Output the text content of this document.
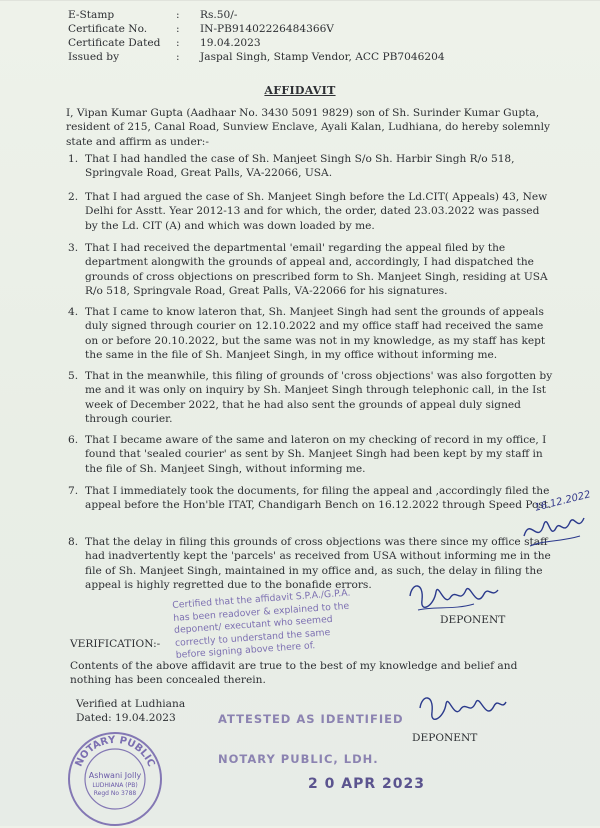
E-Stamp	:	Rs.50/-
Certificate No.	:	IN-PB91402226484366V
Certificate Dated	:	19.04.2023
Issued by	:	Jaspal Singh, Stamp Vendor, ACC PB7046204
AFFIDAVIT
I, Vipan Kumar Gupta (Aadhaar No. 3430 5091 9829) son of Sh. Surinder Kumar Gupta, resident of 215, Canal Road, Sunview Enclave, Ayali Kalan, Ludhiana, do hereby solemnly state and affirm as under:-
1. That I had handled the case of Sh. Manjeet Singh S/o Sh. Harbir Singh R/o 518, Springvale Road, Great Palls, VA-22066, USA.
2. That I had argued the case of Sh. Manjeet Singh before the Ld.CIT( Appeals) 43, New Delhi for Asstt. Year 2012-13 and for which, the order, dated 23.03.2022 was passed by the Ld. CIT (A) and which was down loaded by me.
3. That I had received the departmental 'email' regarding the appeal filed by the department alongwith the grounds of appeal and, accordingly, I had dispatched the grounds of cross objections on prescribed form to Sh. Manjeet Singh, residing at USA R/o 518, Springvale Road, Great Palls, VA-22066 for his signatures.
4. That I came to know lateron that, Sh. Manjeet Singh had sent the grounds of appeals duly signed through courier on 12.10.2022 and my office staff had received the same on or before 20.10.2022, but the same was not in my knowledge, as my staff has kept the same in the file of Sh. Manjeet Singh, in my office without informing me.
5. That in the meanwhile, this filing of grounds of 'cross objections' was also forgotten by me and it was only on inquiry by Sh. Manjeet Singh through telephonic call, in the Ist week of December 2022, that he had also sent the grounds of appeal duly signed through courier.
6. That I became aware of the same and lateron on my checking of record in my office, I found that 'sealed courier' as sent by Sh. Manjeet Singh had been kept by my staff in the file of Sh. Manjeet Singh, without informing me.
7. That I immediately took the documents, for filing the appeal and ,accordingly filed the appeal before the Hon'ble ITAT, Chandigarh Bench on 16.12.2022 through Speed Post.
8. That the delay in filing this grounds of cross objections was there since my office staff had inadvertently kept the 'parcels' as received from USA without informing me in the file of Sh. Manjeet Singh, maintained in my office and, as such, the delay in filing the appeal is highly regretted due to the bonafide errors.
16.12.2022
DEPONENT
Certified that the affidavit S.P.A./G.P.A. has been readover & explained to the deponent/ executant who seemed correctly to understand the same before signing above there of.
VERIFICATION:-
Contents of the above affidavit are true to the best of my knowledge and belief and nothing has been concealed therein.
Verified at Ludhiana
Dated: 19.04.2023
DEPONENT
ATTESTED AS IDENTIFIED
NOTARY PUBLIC, LDH.
2 0 APR 2023
NOTARY PUBLIC
Ashwani Jolly
LUDHIANA (PB)
Regd No 3788
